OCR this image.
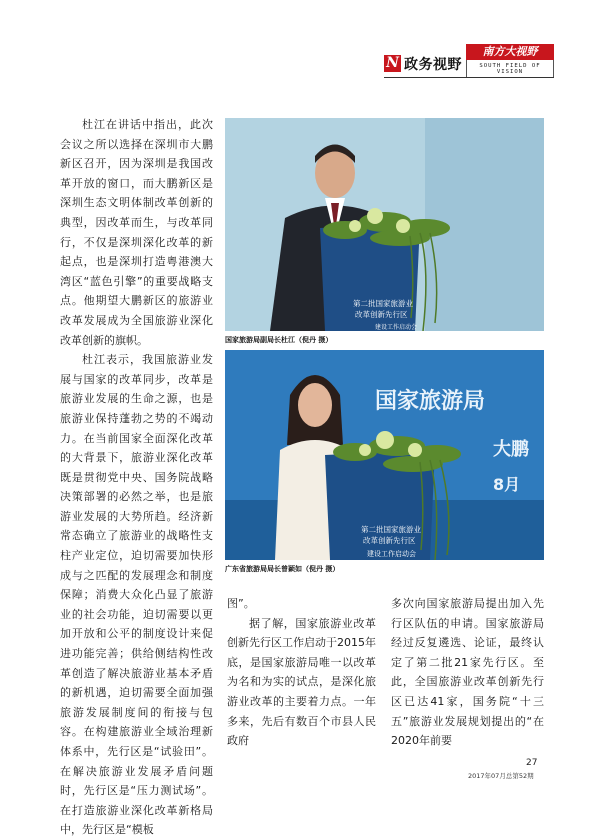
N 政务视野
南方大视野
SOUTH FIELD OF VISION

杜江在讲话中指出，此次会议之所以选择在深圳市大鹏新区召开，因为深圳是我国改革开放的窗口，而大鹏新区是深圳生态文明体制改革创新的典型，因改革而生，与改革同行，不仅是深圳深化改革的新起点，也是深圳打造粤港澳大湾区“蓝色引擎”的重要战略支点。他期望大鹏新区的旅游业改革发展成为全国旅游业深化改革创新的旗帜。

杜江表示，我国旅游业发展与国家的改革同步，改革是旅游业发展的生命之源，也是旅游业保持蓬勃之势的不竭动力。在当前国家全面深化改革的大背景下，旅游业深化改革既是贯彻党中央、国务院战略决策部署的必然之举，也是旅游业发展的大势所趋。经济新常态确立了旅游业的战略性支柱产业定位，迫切需要加快形成与之匹配的发展理念和制度保障；消费大众化凸显了旅游业的社会功能，迫切需要以更加开放和公平的制度设计来促进功能完善；供给侧结构性改革创造了解决旅游业基本矛盾的新机遇，迫切需要全面加强旅游发展制度间的衔接与包容。在构建旅游业全域治理新体系中，先行区是“试验田”。在解决旅游业发展矛盾问题时，先行区是“压力测试场”。在打造旅游业深化改革新格局中，先行区是“模板

第二批国家旅游业
改革创新先行区
建设工作启动会
国家旅游局副局长杜江（倪丹 摄）
国家旅游局
大鹏
8月
第二批国家旅游业
改革创新先行区
建设工作启动会
广东省旅游局局长曾颖如（倪丹 摄）

图”。

据了解，国家旅游业改革创新先行区工作启动于2015年底，是国家旅游局唯一以改革为名和为实的试点，是深化旅游业改革的主要着力点。一年多来，先后有数百个市县人民政府

多次向国家旅游局提出加入先行区队伍的申请。国家旅游局经过反复遴选、论证，最终认定了第二批21家先行区。至此，全国旅游业改革创新先行区已达41家，国务院“十三五”旅游业发展规划提出的“在2020年前要

27
2017年07月总第52期
